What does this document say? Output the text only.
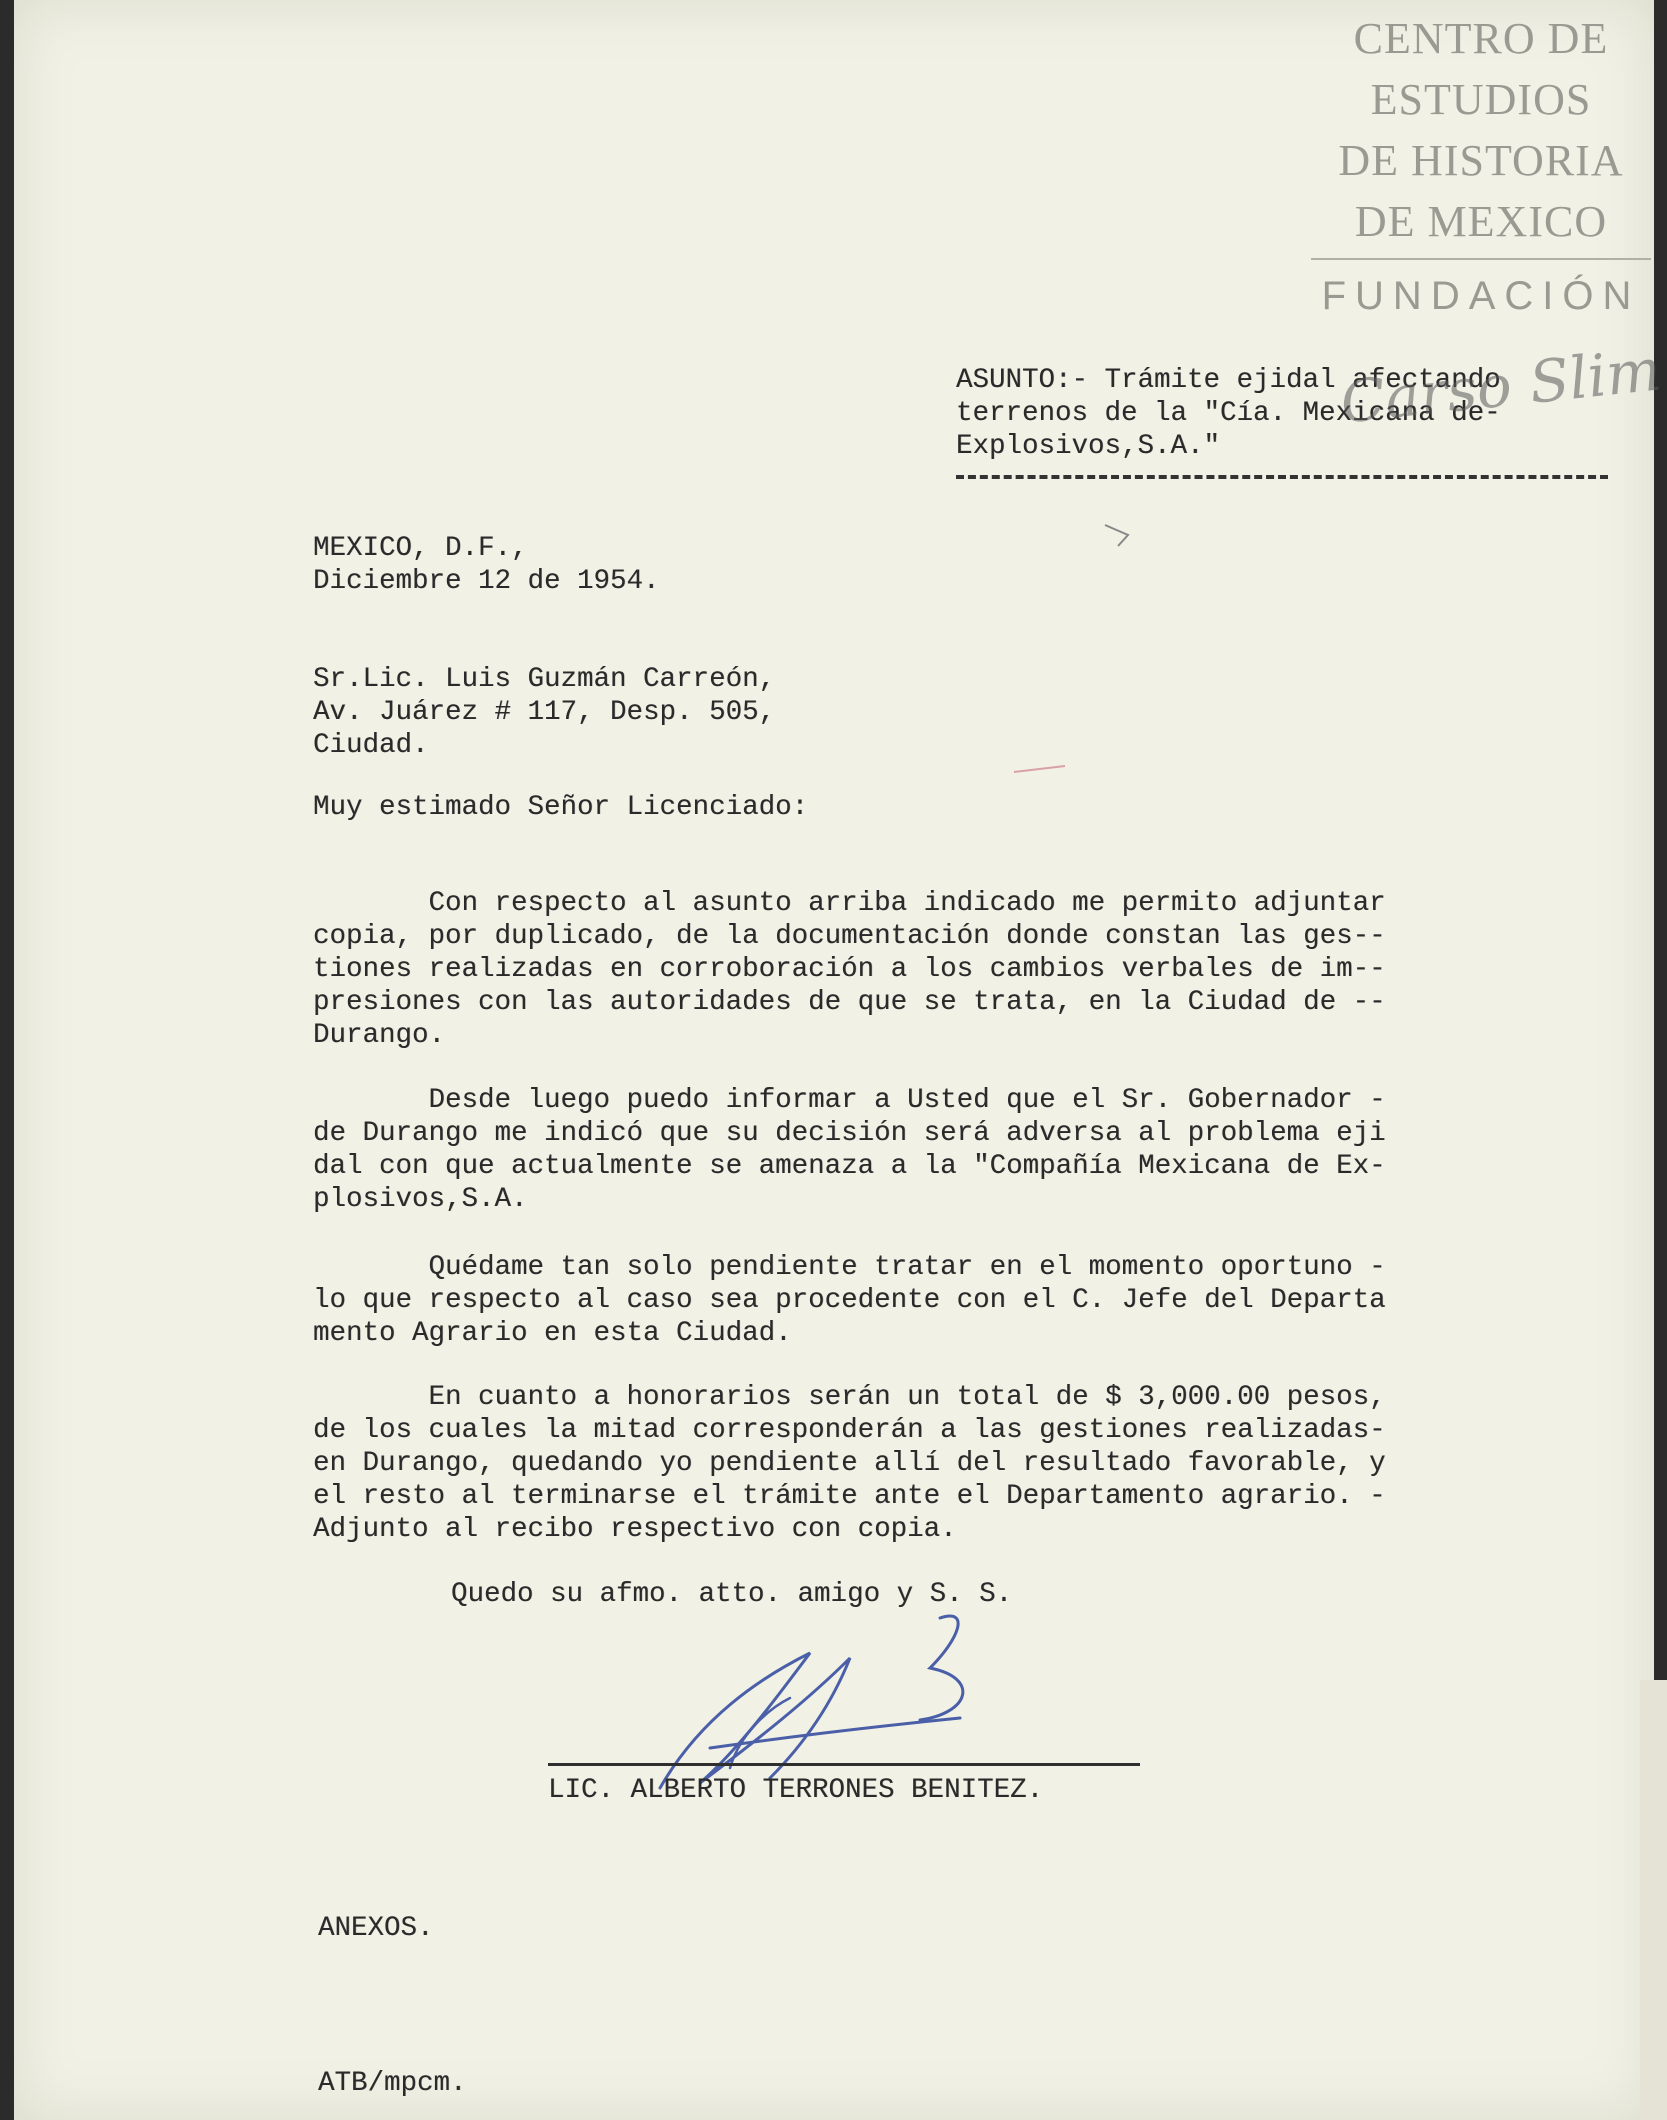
CENTRO DE
ESTUDIOS
DE HISTORIA
DE MEXICO
FUNDACIÓN
ASUNTO:- Trámite ejidal afectando
terrenos de la "Cía. Mexicana de-
Explosivos,S.A."
Carso Slim
MEXICO, D.F.,
Diciembre 12 de 1954.
Sr.Lic. Luis Guzmán Carreón,
Av. Juárez # 117, Desp. 505,
Ciudad.
Muy estimado Señor Licenciado:
Con respecto al asunto arriba indicado me permito adjuntar
copia, por duplicado, de la documentación donde constan las ges--
tiones realizadas en corroboración a los cambios verbales de im--
presiones con las autoridades de que se trata, en la Ciudad de --
Durango.
Desde luego puedo informar a Usted que el Sr. Gobernador -
de Durango me indicó que su decisión será adversa al problema eji
dal con que actualmente se amenaza a la "Compañía Mexicana de Ex-
plosivos,S.A.
Quédame tan solo pendiente tratar en el momento oportuno -
lo que respecto al caso sea procedente con el C. Jefe del Departa
mento Agrario en esta Ciudad.
En cuanto a honorarios serán un total de $ 3,000.00 pesos,
de los cuales la mitad corresponderán a las gestiones realizadas-
en Durango, quedando yo pendiente allí del resultado favorable, y
el resto al terminarse el trámite ante el Departamento agrario. -
Adjunto al recibo respectivo con copia.
Quedo su afmo. atto. amigo y S. S.
LIC. ALBERTO TERRONES BENITEZ.
ANEXOS.
ATB/mpcm.
